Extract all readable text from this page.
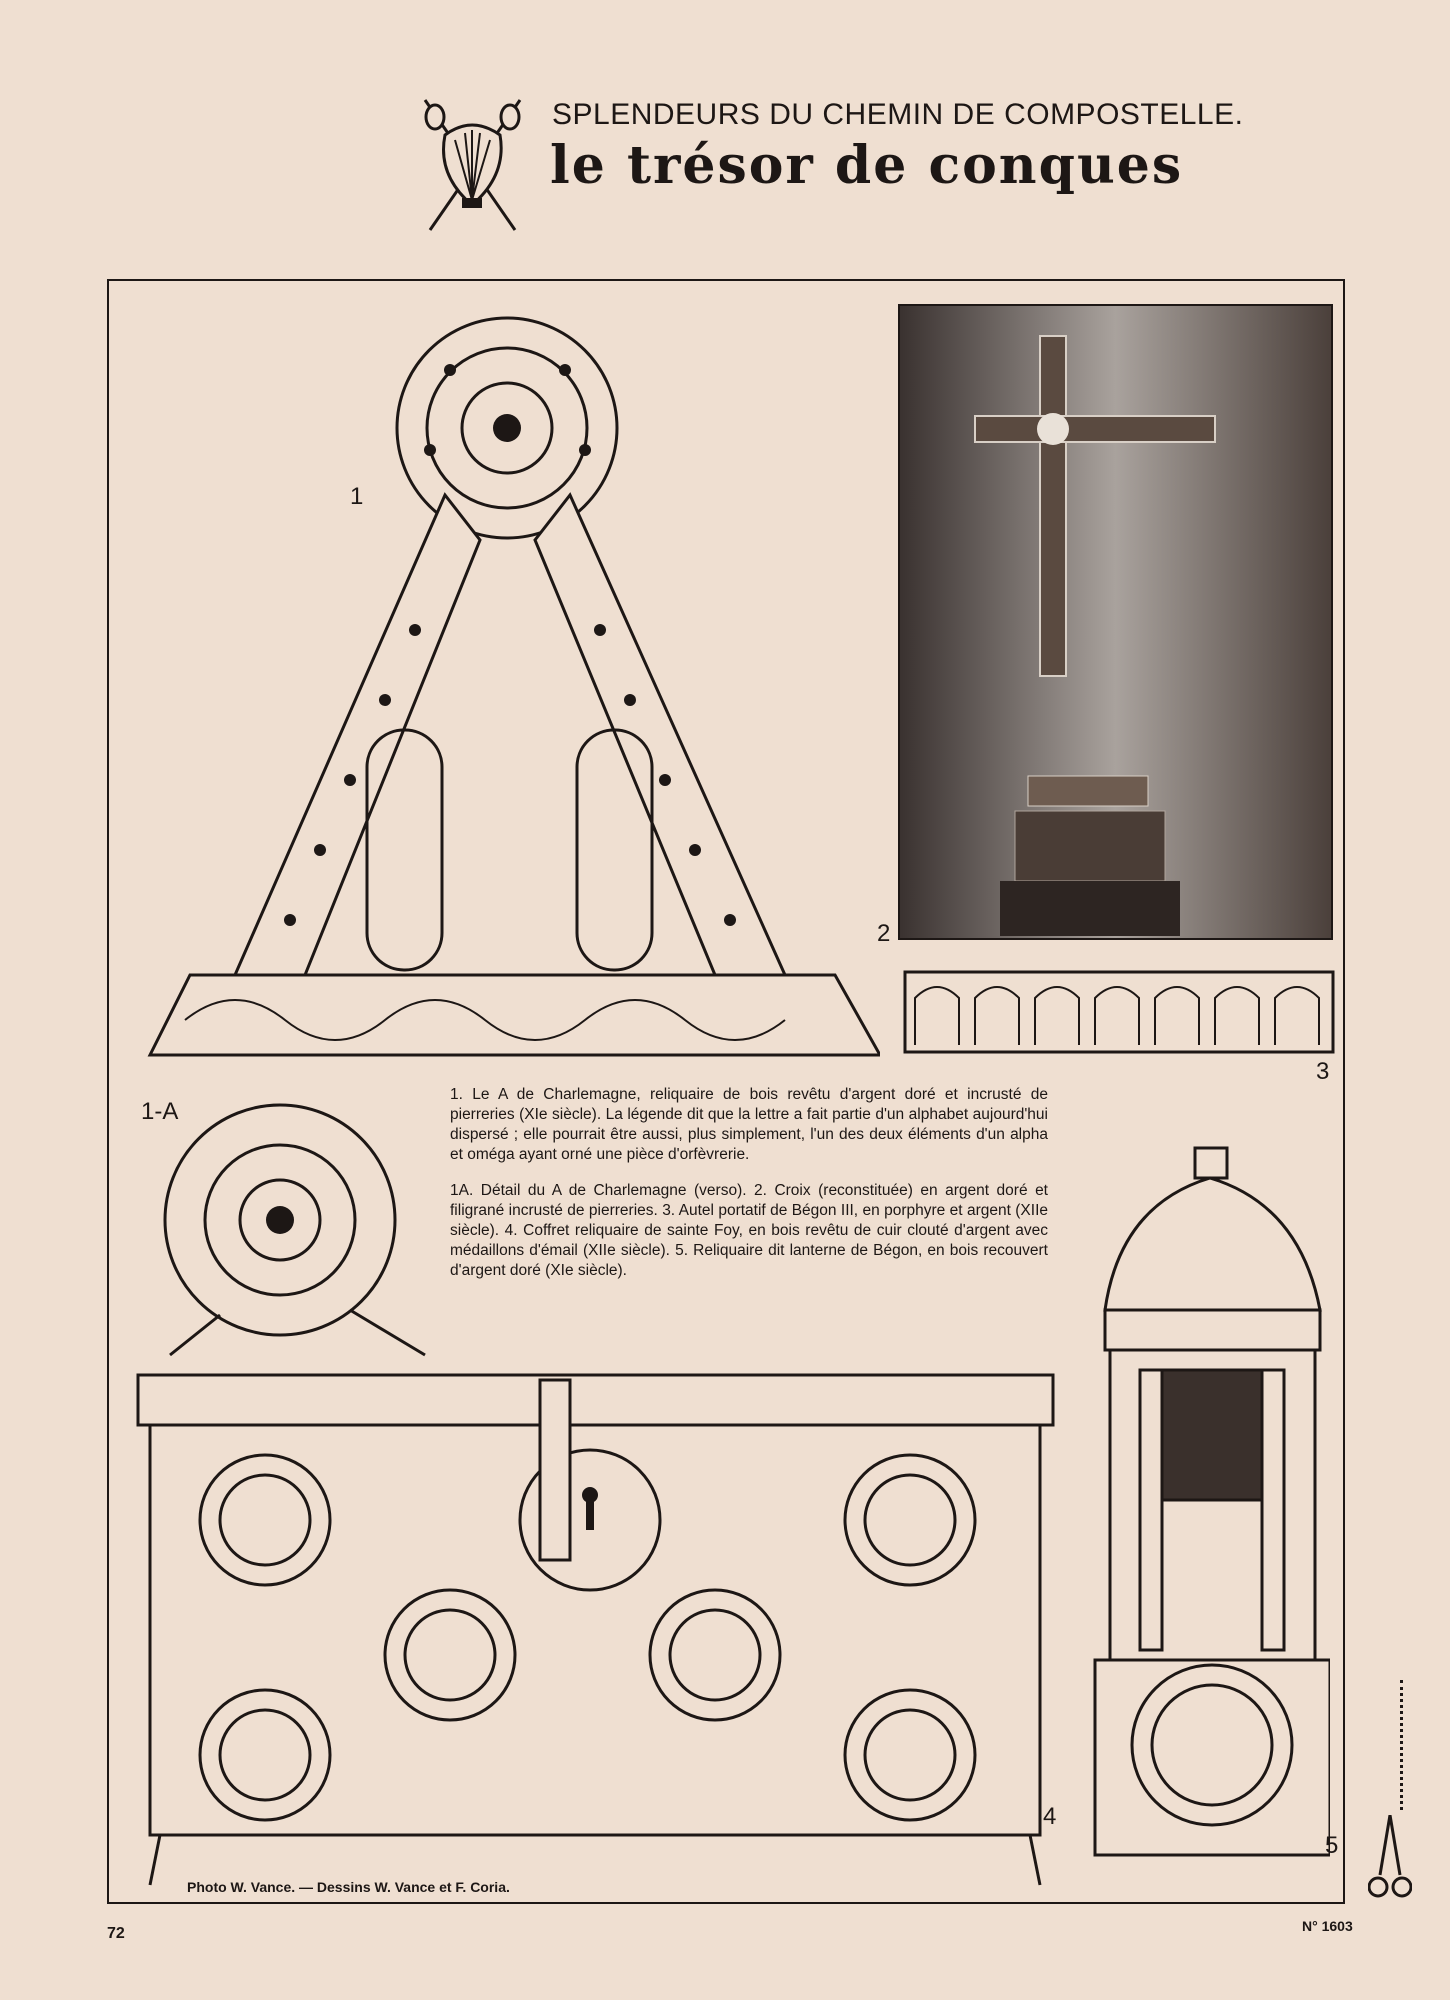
SPLENDEURS DU CHEMIN DE COMPOSTELLE.
le trésor de conques
1
2
3
1-A

1. Le A de Charlemagne, reliquaire de bois revêtu d'argent doré et incrusté de pierreries (XIe siècle). La légende dit que la lettre a fait partie d'un alphabet aujourd'hui dispersé ; elle pourrait être aussi, plus simplement, l'un des deux éléments d'un alpha et oméga ayant orné une pièce d'orfèvrerie.

1A. Détail du A de Charlemagne (verso). 2. Croix (reconstituée) en argent doré et filigrané incrusté de pierreries. 3. Autel portatif de Bégon III, en porphyre et argent (XIIe siècle). 4. Coffret reliquaire de sainte Foy, en bois revêtu de cuir clouté d'argent avec médaillons d'émail (XIIe siècle). 5. Reliquaire dit lanterne de Bégon, en bois recouvert d'argent doré (XIe siècle).

4
5
Photo W. Vance. — Dessins W. Vance et F. Coria.
72	N° 1603
